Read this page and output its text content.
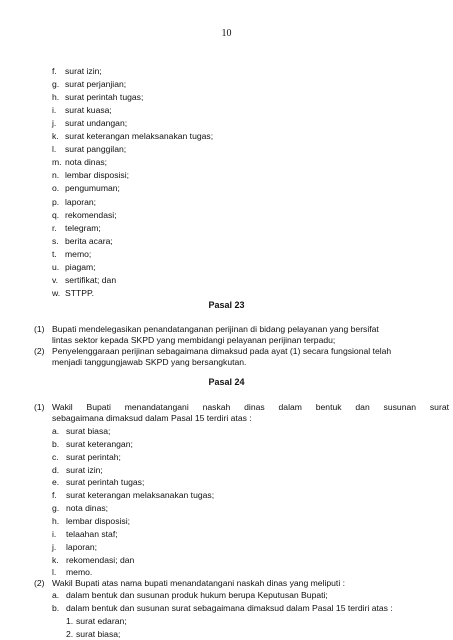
10
f. surat izin;
g. surat perjanjian;
h. surat perintah tugas;
i. surat kuasa;
j. surat undangan;
k. surat keterangan melaksanakan tugas;
l. surat panggilan;
m. nota dinas;
n. lembar disposisi;
o. pengumuman;
p. laporan;
q. rekomendasi;
r. telegram;
s. berita acara;
t. memo;
u. piagam;
v. sertifikat; dan
w. STTPP.
Pasal 23
(1) Bupati mendelegasikan penandatanganan perijinan di bidang pelayanan yang bersifat
lintas sektor kepada SKPD yang membidangi pelayanan perijinan terpadu;
(2) Penyelenggaraan perijinan sebagaimana dimaksud pada ayat (1) secara fungsional telah
menjadi tanggungjawab SKPD yang bersangkutan.
Pasal 24
(1) Wakil Bupati menandatangani naskah dinas dalam bentuk dan susunan surat
sebagaimana dimaksud dalam Pasal 15 terdiri atas :
a. surat biasa;
b. surat keterangan;
c. surat perintah;
d. surat izin;
e. surat perintah tugas;
f. surat keterangan melaksanakan tugas;
g. nota dinas;
h. lembar disposisi;
i. telaahan staf;
j. laporan;
k. rekomendasi; dan
l. memo.
(2) Wakil Bupati atas nama bupati menandatangani naskah dinas yang meliputi :
a. dalam bentuk dan susunan produk hukum berupa Keputusan Bupati;
b. dalam bentuk dan susunan surat sebagaimana dimaksud dalam Pasal 15 terdiri atas :
1. surat edaran;
2. surat biasa;
